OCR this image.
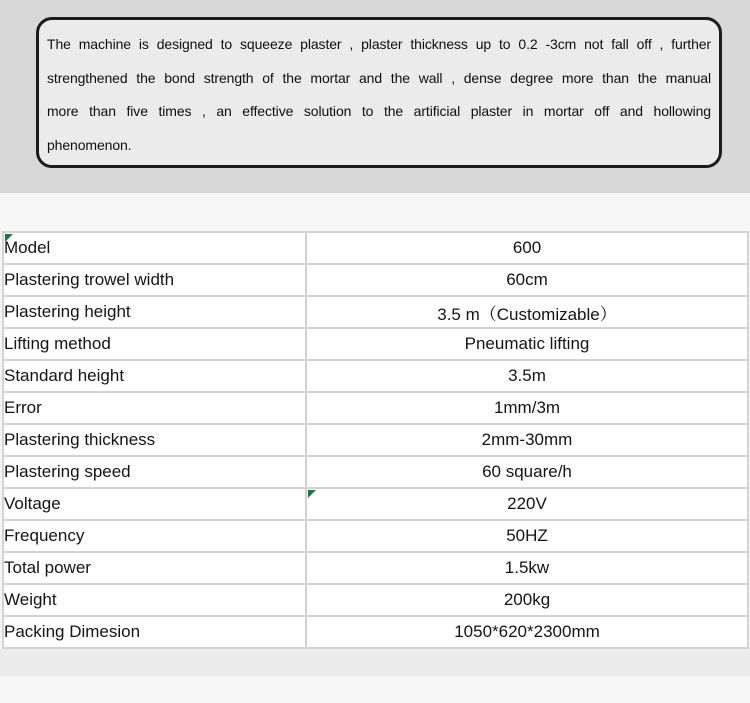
The machine is designed to squeeze plaster , plaster thickness up to 0.2 -3cm not fall off , further
strengthened the bond strength of the mortar and the wall , dense degree more than the manual
more than five times , an effective solution to the artificial plaster in mortar off and hollowing
phenomenon.
Model	600
Plastering trowel width	60cm
Plastering height	3.5 m（Customizable）
Lifting method	Pneumatic lifting
Standard height	3.5m
Error	1mm/3m
Plastering thickness	2mm-30mm
Plastering speed	60 square/h
Voltage	220V
Frequency	50HZ
Total power	1.5kw
Weight	200kg
Packing Dimesion	1050*620*2300mm
